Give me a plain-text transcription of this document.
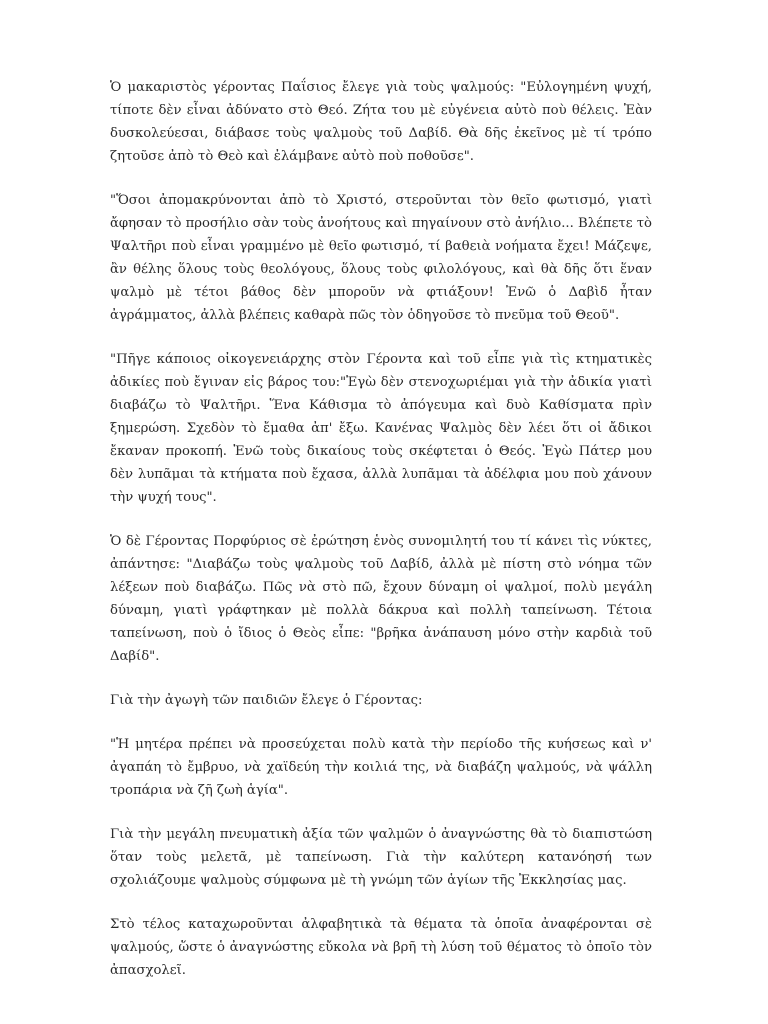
Ὁ μακαριστὸς γέροντας Παΐσιος ἔλεγε γιὰ τοὺς ψαλμούς: "Εὐλογημένη ψυχή, τίποτε δὲν εἶναι ἀδύνατο στὸ Θεό. Ζήτα του μὲ εὐγένεια αὐτὸ ποὺ θέλεις. Ἐὰν δυσκολεύεσαι, διάβασε τοὺς ψαλμοὺς τοῦ Δαβίδ. Θὰ δῆς ἐκεῖνος μὲ τί τρόπο ζητοῦσε ἀπὸ τὸ Θεὸ καὶ ἐλάμβανε αὐτὸ ποὺ ποθοῦσε".

"Ὅσοι ἀπομακρύνονται ἀπὸ τὸ Χριστό, στεροῦνται τὸν θεῖο φωτισμό, γιατὶ ἄφησαν τὸ προσήλιο σὰν τοὺς ἀνοήτους καὶ πηγαίνουν στὸ ἀνήλιο... Βλέπετε τὸ Ψαλτῆρι ποὺ εἶναι γραμμένο μὲ θεῖο φωτισμό, τί βαθειὰ νοήματα ἔχει! Μάζεψε, ἂν θέλης ὅλους τοὺς θεολόγους, ὅλους τοὺς φιλολόγους, καὶ θὰ δῆς ὅτι ἕναν ψαλμὸ μὲ τέτοι βάθος δὲν μποροῦν νὰ φτιάξουν! Ἐνῶ ὁ Δαβὶδ ἦταν ἀγράμματος, ἀλλὰ βλέπεις καθαρὰ πῶς τὸν ὁδηγοῦσε τὸ πνεῦμα τοῦ Θεοῦ".

"Πῆγε κάποιος οἰκογενειάρχης στὸν Γέροντα καὶ τοῦ εἶπε γιὰ τὶς κτηματικὲς ἀδικίες ποὺ ἔγιναν εἰς βάρος του:"Ἐγὼ δὲν στενοχωριέμαι γιὰ τὴν ἀδικία γιατὶ διαβάζω τὸ Ψαλτῆρι. Ἕνα Κάθισμα τὸ ἀπόγευμα καὶ δυὸ Καθίσματα πρὶν ξημερώση. Σχεδὸν τὸ ἔμαθα ἀπ' ἔξω. Κανένας Ψαλμὸς δὲν λέει ὅτι οἱ ἄδικοι ἔκαναν προκοπή. Ἐνῶ τοὺς δικαίους τοὺς σκέφτεται ὁ Θεός. Ἐγὼ Πάτερ μου δὲν λυπᾶμαι τὰ κτήματα ποὺ ἔχασα, ἀλλὰ λυπᾶμαι τὰ ἀδέλφια μου ποὺ χάνουν τὴν ψυχή τους".

Ὁ δὲ Γέροντας Πορφύριος σὲ ἐρώτηση ἑνὸς συνομιλητή του τί κάνει τὶς νύκτες, ἀπάντησε: "Διαβάζω τοὺς ψαλμοὺς τοῦ Δαβίδ, ἀλλὰ μὲ πίστη στὸ νόημα τῶν λέξεων ποὺ διαβάζω. Πῶς νὰ στὸ πῶ, ἔχουν δύναμη οἱ ψαλμοί, πολὺ μεγάλη δύναμη, γιατὶ γράφτηκαν μὲ πολλὰ δάκρυα καὶ πολλὴ ταπείνωση. Τέτοια ταπείνωση, ποὺ ὁ ἴδιος ὁ Θεὸς εἶπε: "βρῆκα ἀνάπαυση μόνο στὴν καρδιὰ τοῦ Δαβίδ".

Γιὰ τὴν ἀγωγὴ τῶν παιδιῶν ἔλεγε ὁ Γέροντας:

"Ἡ μητέρα πρέπει νὰ προσεύχεται πολὺ κατὰ τὴν περίοδο τῆς κυήσεως καὶ ν' ἀγαπάη τὸ ἔμβρυο, νὰ χαϊδεύη τὴν κοιλιά της, νὰ διαβάζη ψαλμούς, νὰ ψάλλη τροπάρια νὰ ζῆ ζωὴ ἁγία".

Γιὰ τὴν μεγάλη πνευματικὴ ἀξία τῶν ψαλμῶν ὁ ἀναγνώστης θὰ τὸ διαπιστώση ὅταν τοὺς μελετᾶ, μὲ ταπείνωση. Γιὰ τὴν καλύτερη κατανόησή των σχολιάζουμε ψαλμοὺς σύμφωνα μὲ τὴ γνώμη τῶν ἁγίων τῆς Ἐκκλησίας μας.

Στὸ τέλος καταχωροῦνται ἀλφαβητικὰ τὰ θέματα τὰ ὁποῖα ἀναφέρονται σὲ ψαλμούς, ὥστε ὁ ἀναγνώστης εὔκολα νὰ βρῆ τὴ λύση τοῦ θέματος τὸ ὁποῖο τὸν ἀπασχολεῖ.
